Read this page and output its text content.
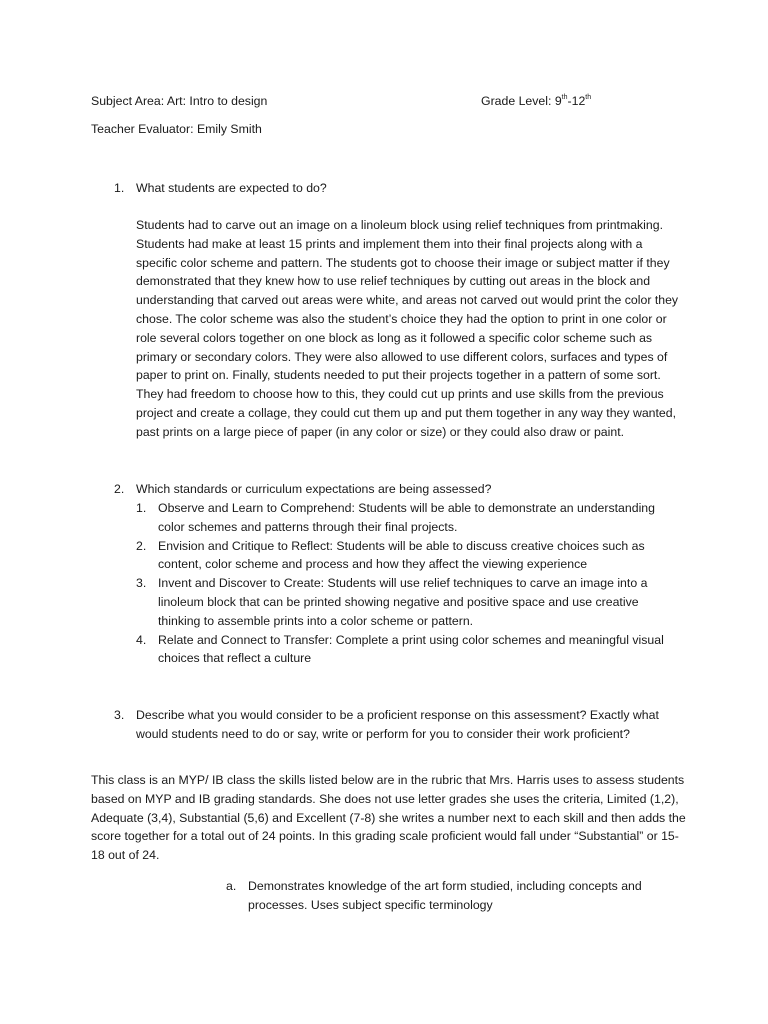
Subject Area: Art: Intro to design	Grade Level: 9th-12th
Teacher Evaluator: Emily Smith
1. What students are expected to do?

Students had to carve out an image on a linoleum block using relief techniques from printmaking. Students had make at least 15 prints and implement them into their final projects along with a specific color scheme and pattern. The students got to choose their image or subject matter if they demonstrated that they knew how to use relief techniques by cutting out areas in the block and understanding that carved out areas were white, and areas not carved out would print the color they chose. The color scheme was also the student’s choice they had the option to print in one color or role several colors together on one block as long as it followed a specific color scheme such as primary or secondary colors. They were also allowed to use different colors, surfaces and types of paper to print on. Finally, students needed to put their projects together in a pattern of some sort. They had freedom to choose how to this, they could cut up prints and use skills from the previous project and create a collage, they could cut them up and put them together in any way they wanted, past prints on a large piece of paper (in any color or size) or they could also draw or paint.

2. Which standards or curriculum expectations are being assessed?
1. Observe and Learn to Comprehend: Students will be able to demonstrate an understanding color schemes and patterns through their final projects.
2. Envision and Critique to Reflect: Students will be able to discuss creative choices such as content, color scheme and process and how they affect the viewing experience
3. Invent and Discover to Create: Students will use relief techniques to carve an image into a linoleum block that can be printed showing negative and positive space and use creative thinking to assemble prints into a color scheme or pattern.
4. Relate and Connect to Transfer: Complete a print using color schemes and meaningful visual choices that reflect a culture
3. Describe what you would consider to be a proficient response on this assessment? Exactly what would students need to do or say, write or perform for you to consider their work proficient?

This class is an MYP/ IB class the skills listed below are in the rubric that Mrs. Harris uses to assess students based on MYP and IB grading standards. She does not use letter grades she uses the criteria, Limited (1,2), Adequate (3,4), Substantial (5,6) and Excellent (7-8) she writes a number next to each skill and then adds the score together for a total out of 24 points. In this grading scale proficient would fall under “Substantial” or 15-18 out of 24.

a. Demonstrates knowledge of the art form studied, including concepts and processes. Uses subject specific terminology
